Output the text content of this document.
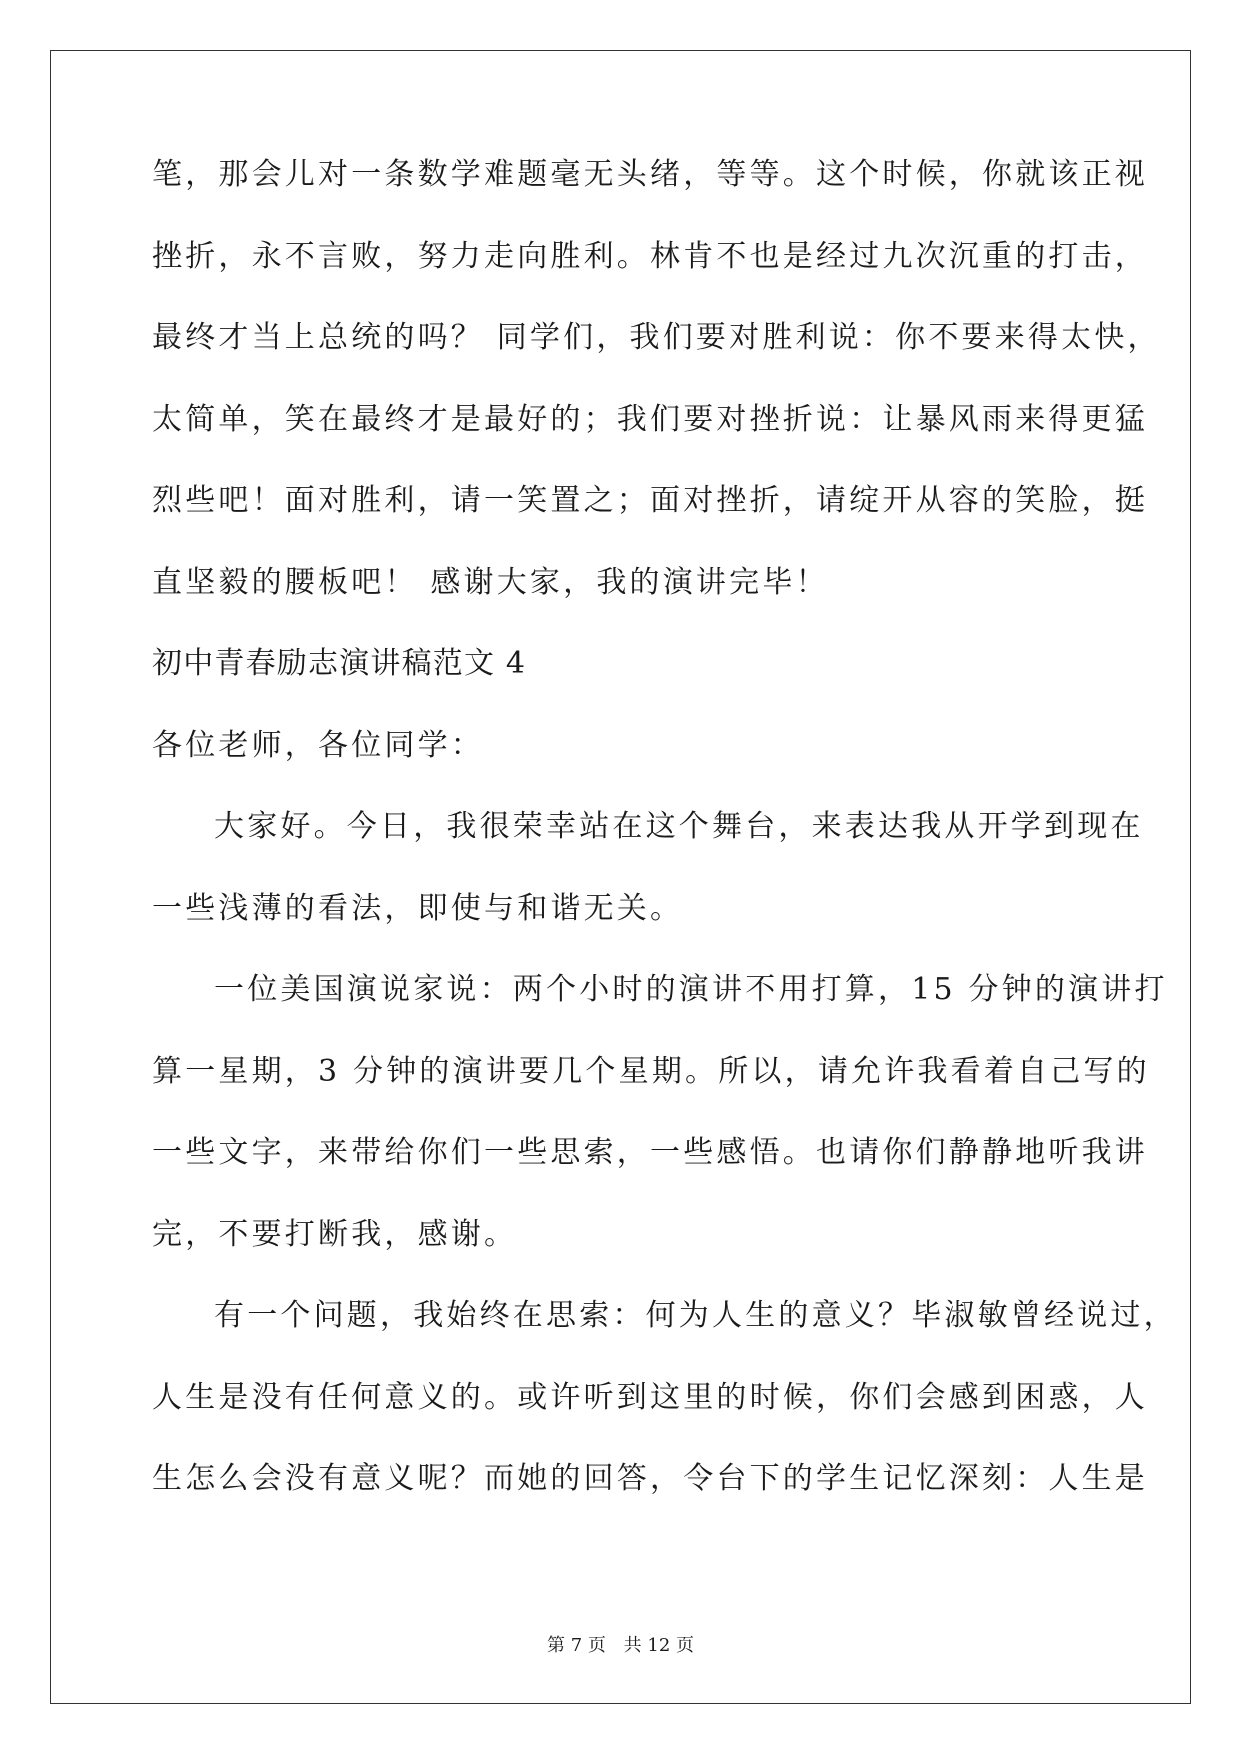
笔，那会儿对一条数学难题毫无头绪，等等。这个时候，你就该正视
挫折，永不言败，努力走向胜利。林肯不也是经过九次沉重的打击，
最终才当上总统的吗？ 同学们，我们要对胜利说：你不要来得太快，
太简单，笑在最终才是最好的；我们要对挫折说：让暴风雨来得更猛
烈些吧！面对胜利，请一笑置之；面对挫折，请绽开从容的笑脸，挺
直坚毅的腰板吧！ 感谢大家，我的演讲完毕！
初中青春励志演讲稿范文 4
各位老师，各位同学：
大家好。今日，我很荣幸站在这个舞台，来表达我从开学到现在
一些浅薄的看法，即使与和谐无关。
一位美国演说家说：两个小时的演讲不用打算，15 分钟的演讲打
算一星期，3 分钟的演讲要几个星期。所以，请允许我看着自己写的
一些文字，来带给你们一些思索，一些感悟。也请你们静静地听我讲
完，不要打断我，感谢。
有一个问题，我始终在思索：何为人生的意义？毕淑敏曾经说过，
人生是没有任何意义的。或许听到这里的时候，你们会感到困惑，人
生怎么会没有意义呢？而她的回答，令台下的学生记忆深刻：人生是
第 7 页 共 12 页
